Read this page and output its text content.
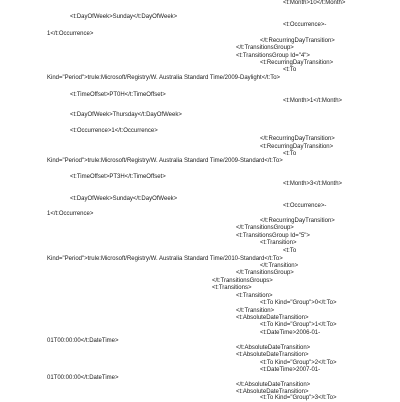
<t:Month>10</t:Month>

<t:DayOfWeek>Sunday</t:DayOfWeek>

<t:Occurrence>-

1</t:Occurrence>

</t:RecurringDayTransition>

</t:TransitionsGroup>

<t:TransitionsGroup Id="4">

<t:RecurringDayTransition>

<t:To

Kind="Period">trule:Microsoft/Registry/W. Australia Standard Time/2009-Daylight</t:To>

<t:TimeOffset>PT0H</t:TimeOffset>

<t:Month>1</t:Month>

<t:DayOfWeek>Thursday</t:DayOfWeek>

<t:Occurrence>1</t:Occurrence>

</t:RecurringDayTransition>

<t:RecurringDayTransition>

<t:To

Kind="Period">trule:Microsoft/Registry/W. Australia Standard Time/2009-Standard</t:To>

<t:TimeOffset>PT3H</t:TimeOffset>

<t:Month>3</t:Month>

<t:DayOfWeek>Sunday</t:DayOfWeek>

<t:Occurrence>-

1</t:Occurrence>

</t:RecurringDayTransition>

</t:TransitionsGroup>

<t:TransitionsGroup Id="5">

<t:Transition>

<t:To

Kind="Period">trule:Microsoft/Registry/W. Australia Standard Time/2010-Standard</t:To>

</t:Transition>

</t:TransitionsGroup>

</t:TransitionsGroups>

<t:Transitions>

<t:Transition>

<t:To Kind="Group">0</t:To>

</t:Transition>

<t:AbsoluteDateTransition>

<t:To Kind="Group">1</t:To>

<t:DateTime>2006-01-

01T00:00:00</t:DateTime>

</t:AbsoluteDateTransition>

<t:AbsoluteDateTransition>

<t:To Kind="Group">2</t:To>

<t:DateTime>2007-01-

01T00:00:00</t:DateTime>

</t:AbsoluteDateTransition>

<t:AbsoluteDateTransition>

<t:To Kind="Group">3</t:To>
